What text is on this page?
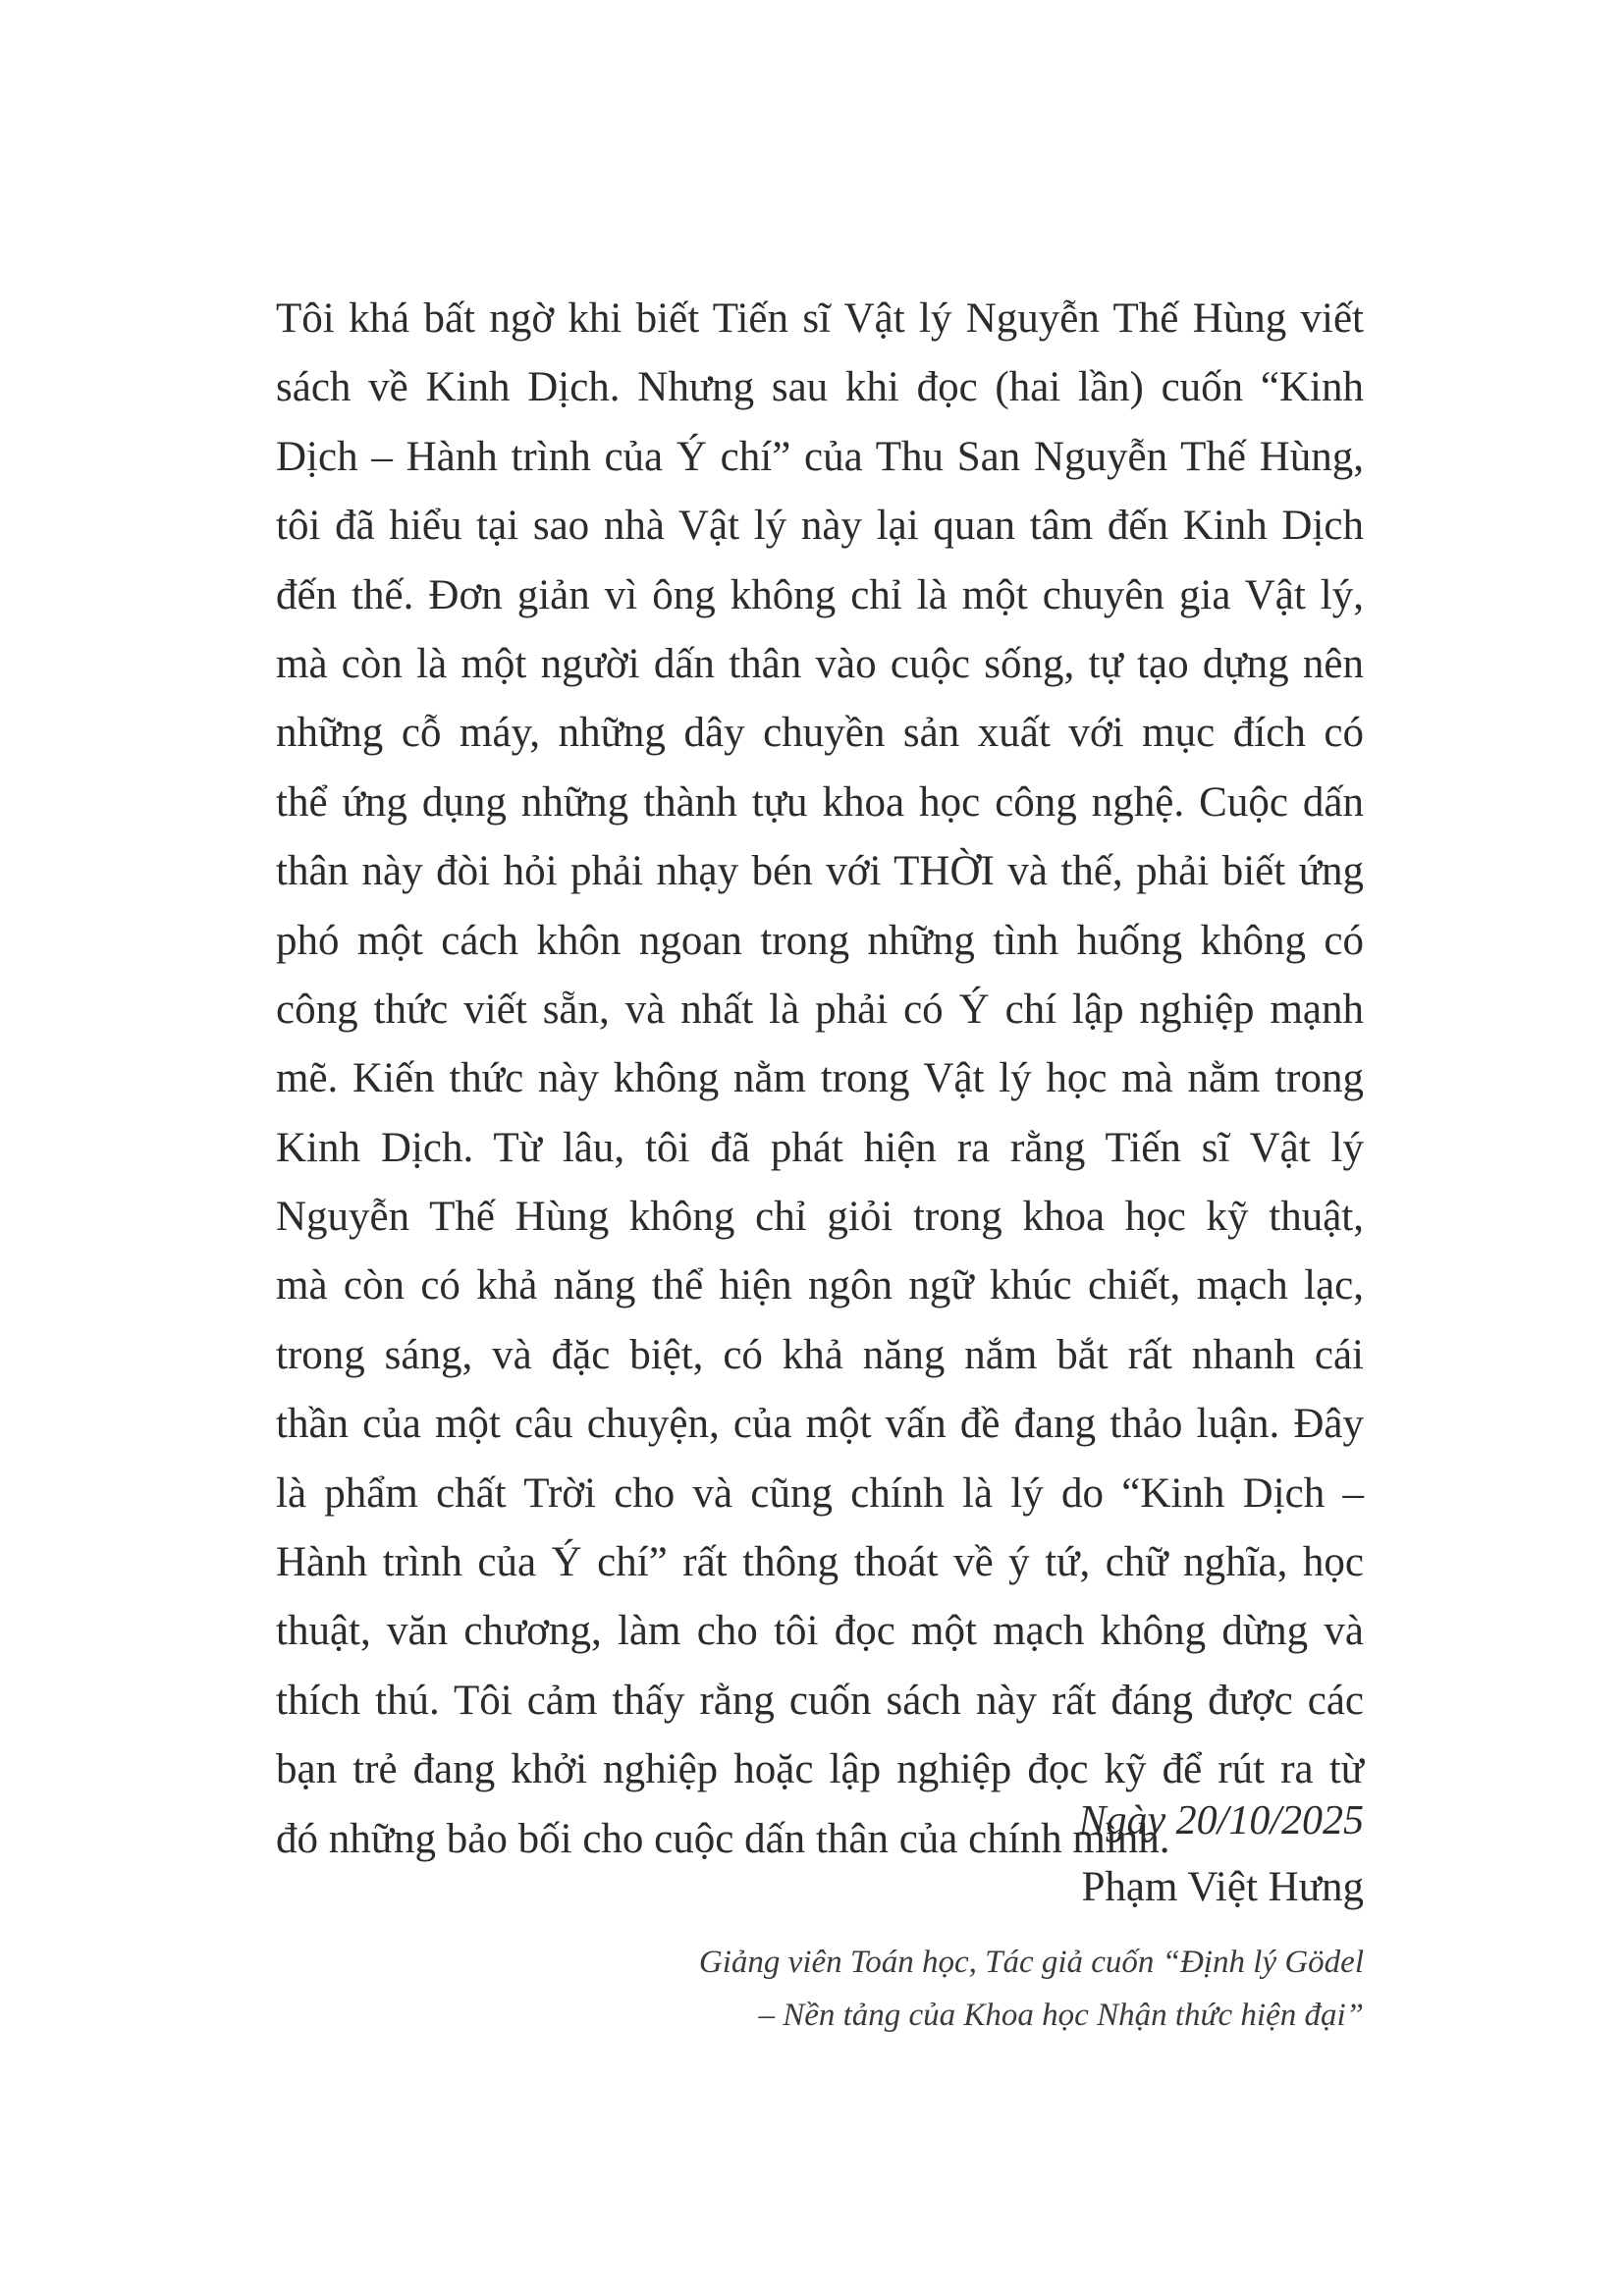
Tôi khá bất ngờ khi biết Tiến sĩ Vật lý Nguyễn Thế Hùng viết
sách về Kinh Dịch. Nhưng sau khi đọc (hai lần) cuốn “Kinh
Dịch – Hành trình của Ý chí” của Thu San Nguyễn Thế Hùng,
tôi đã hiểu tại sao nhà Vật lý này lại quan tâm đến Kinh Dịch
đến thế. Đơn giản vì ông không chỉ là một chuyên gia Vật lý,
mà còn là một người dấn thân vào cuộc sống, tự tạo dựng nên
những cỗ máy, những dây chuyền sản xuất với mục đích có
thể ứng dụng những thành tựu khoa học công nghệ. Cuộc dấn
thân này đòi hỏi phải nhạy bén với THỜI và thế, phải biết ứng
phó một cách khôn ngoan trong những tình huống không có
công thức viết sẵn, và nhất là phải có Ý chí lập nghiệp mạnh
mẽ. Kiến thức này không nằm trong Vật lý học mà nằm trong
Kinh Dịch. Từ lâu, tôi đã phát hiện ra rằng Tiến sĩ Vật lý
Nguyễn Thế Hùng không chỉ giỏi trong khoa học kỹ thuật,
mà còn có khả năng thể hiện ngôn ngữ khúc chiết, mạch lạc,
trong sáng, và đặc biệt, có khả năng nắm bắt rất nhanh cái
thần của một câu chuyện, của một vấn đề đang thảo luận. Đây
là phẩm chất Trời cho và cũng chính là lý do “Kinh Dịch –
Hành trình của Ý chí” rất thông thoát về ý tứ, chữ nghĩa, học
thuật, văn chương, làm cho tôi đọc một mạch không dừng và
thích thú. Tôi cảm thấy rằng cuốn sách này rất đáng được các
bạn trẻ đang khởi nghiệp hoặc lập nghiệp đọc kỹ để rút ra từ
đó những bảo bối cho cuộc dấn thân của chính mình.
Ngày 20/10/2025
Phạm Việt Hưng
Giảng viên Toán học, Tác giả cuốn “Định lý Gödel
– Nền tảng của Khoa học Nhận thức hiện đại”
